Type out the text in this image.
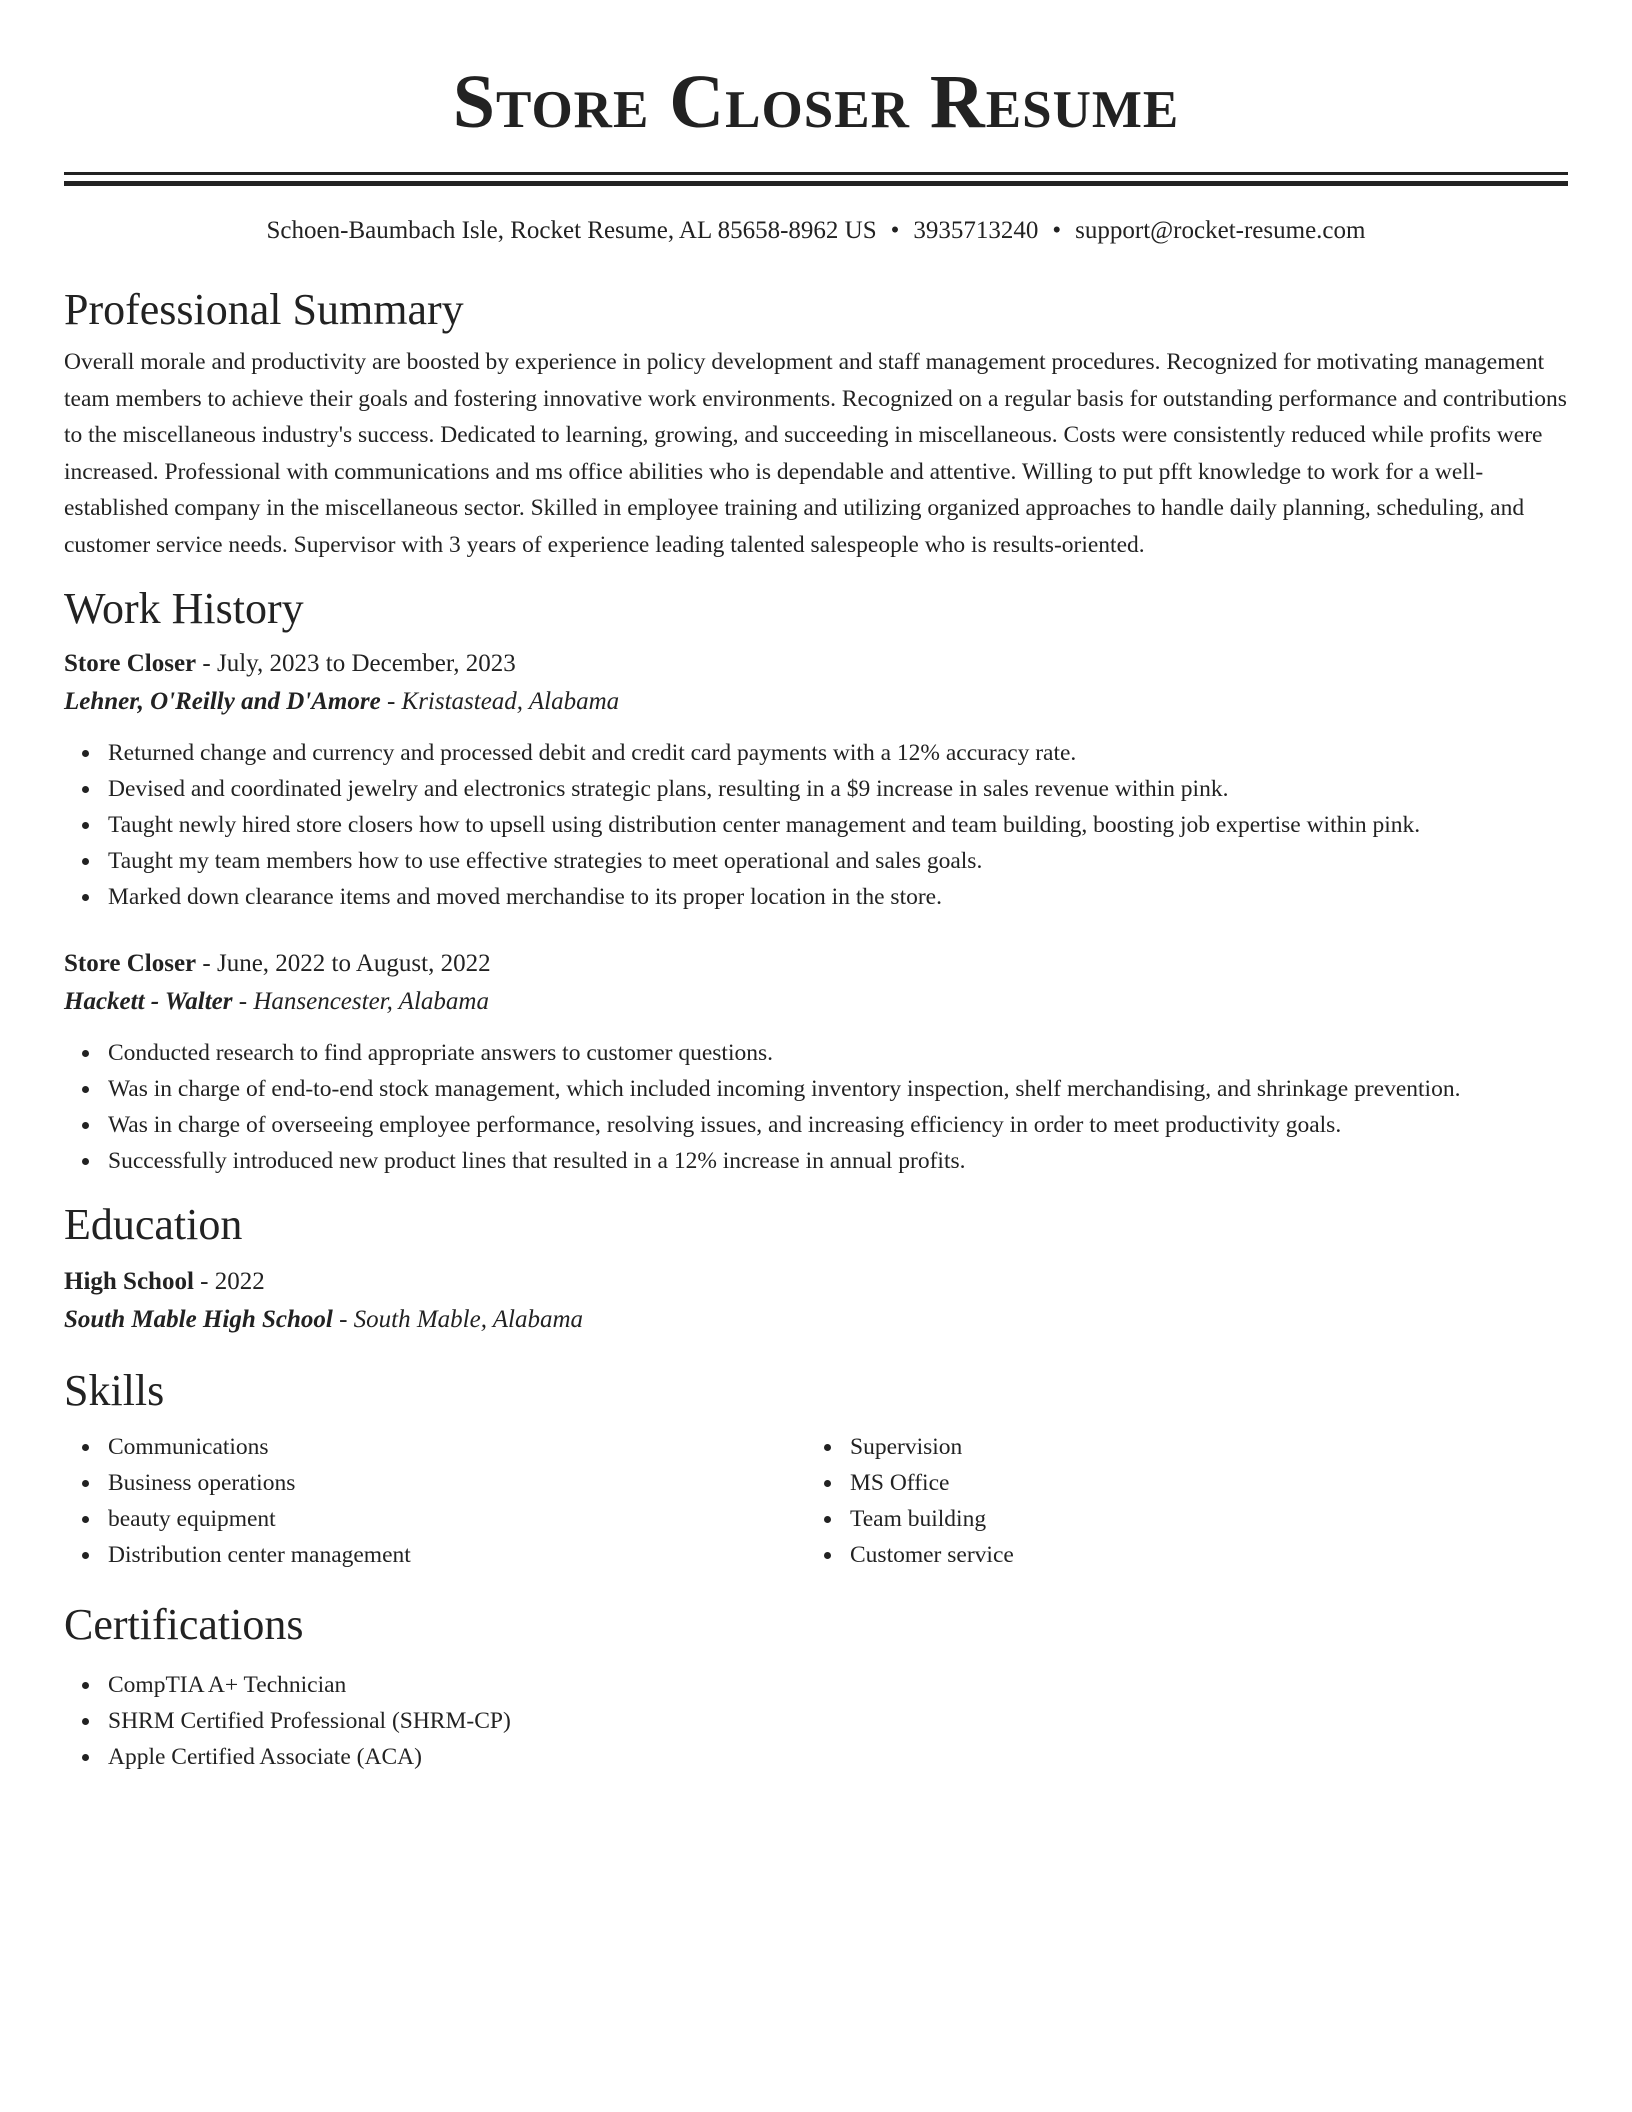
Store Closer Resume
Schoen-Baumbach Isle, Rocket Resume, AL 85658-8962 US • 3935713240 • support@rocket-resume.com
Professional Summary

Overall morale and productivity are boosted by experience in policy development and staff management procedures. Recognized for motivating management team members to achieve their goals and fostering innovative work environments. Recognized on a regular basis for outstanding performance and contributions to the miscellaneous industry's success. Dedicated to learning, growing, and succeeding in miscellaneous. Costs were consistently reduced while profits were increased. Professional with communications and ms office abilities who is dependable and attentive. Willing to put pfft knowledge to work for a well-established company in the miscellaneous sector. Skilled in employee training and utilizing organized approaches to handle daily planning, scheduling, and customer service needs. Supervisor with 3 years of experience leading talented salespeople who is results-oriented.

Work History

Store Closer - July, 2023 to December, 2023

Lehner, O'Reilly and D'Amore - Kristastead, Alabama

Returned change and currency and processed debit and credit card payments with a 12% accuracy rate.
Devised and coordinated jewelry and electronics strategic plans, resulting in a $9 increase in sales revenue within pink.
Taught newly hired store closers how to upsell using distribution center management and team building, boosting job expertise within pink.
Taught my team members how to use effective strategies to meet operational and sales goals.
Marked down clearance items and moved merchandise to its proper location in the store.

Store Closer - June, 2022 to August, 2022

Hackett - Walter - Hansencester, Alabama

Conducted research to find appropriate answers to customer questions.
Was in charge of end-to-end stock management, which included incoming inventory inspection, shelf merchandising, and shrinkage prevention.
Was in charge of overseeing employee performance, resolving issues, and increasing efficiency in order to meet productivity goals.
Successfully introduced new product lines that resulted in a 12% increase in annual profits.
Education

High School - 2022

South Mable High School - South Mable, Alabama

Skills
Communications
Business operations
beauty equipment
Distribution center management
Supervision
MS Office
Team building
Customer service
Certifications
CompTIA A+ Technician
SHRM Certified Professional (SHRM-CP)
Apple Certified Associate (ACA)
